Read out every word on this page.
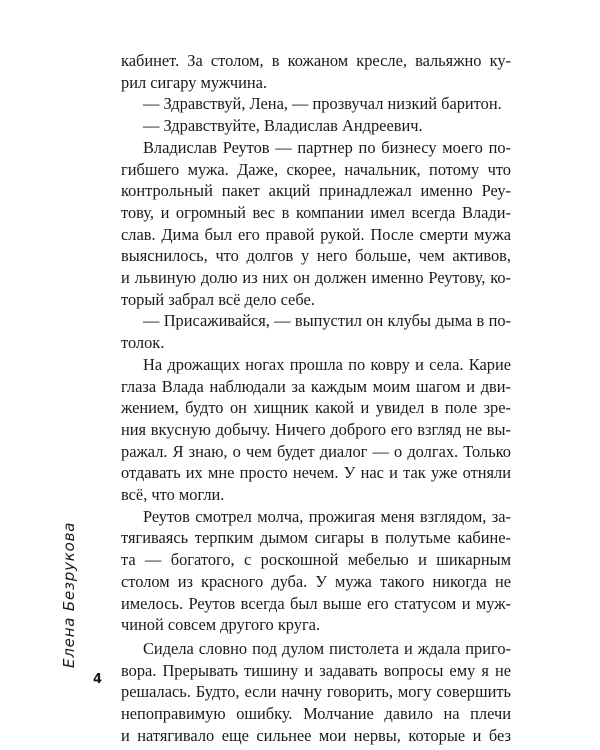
Елена Безрукова
4

кабинет. За столом, в кожаном кресле, вальяжно ку-
рил сигару мужчина.

— Здравствуй, Лена, — прозвучал низкий баритон.

— Здравствуйте, Владислав Андреевич.

Владислав Реутов — партнер по бизнесу моего по-
гибшего мужа. Даже, скорее, начальник, потому что
контрольный пакет акций принадлежал именно Реу-
тову, и огромный вес в компании имел всегда Влади-
слав. Дима был его правой рукой. После смерти мужа
выяснилось, что долгов у него больше, чем активов,
и львиную долю из них он должен именно Реутову, ко-
торый забрал всё дело себе.

— Присаживайся, — выпустил он клубы дыма в по-
толок.

На дрожащих ногах прошла по ковру и села. Карие
глаза Влада наблюдали за каждым моим шагом и дви-
жением, будто он хищник какой и увидел в поле зре-
ния вкусную добычу. Ничего доброго его взгляд не вы-
ражал. Я знаю, о чем будет диалог — о долгах. Только
отдавать их мне просто нечем. У нас и так уже отняли
всё, что могли.

Реутов смотрел молча, прожигая меня взглядом, за-
тягиваясь терпким дымом сигары в полутьме кабине-
та — богатого, с роскошной мебелью и шикарным
столом из красного дуба. У мужа такого никогда не
имелось. Реутов всегда был выше его статусом и муж-
чиной совсем другого круга.

Сидела словно под дулом пистолета и ждала приго-
вора. Прерывать тишину и задавать вопросы ему я не
решалась. Будто, если начну говорить, могу совершить
непоправимую ошибку. Молчание давило на плечи
и натягивало еще сильнее мои нервы, которые и без
